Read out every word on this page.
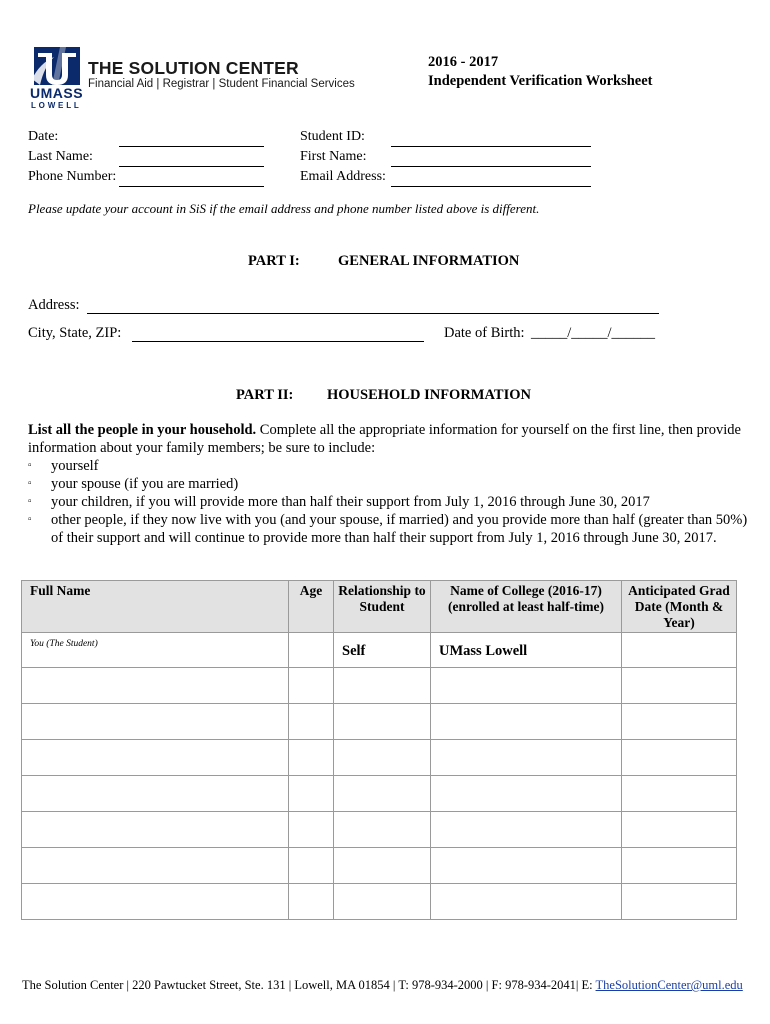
UMASS
LOWELL
THE SOLUTION CENTER
Financial Aid | Registrar | Student Financial Services
2016 - 2017
Independent Verification Worksheet
Date:
Last Name:
Phone Number:
Student ID:
First Name:
Email Address:
Please update your account in SiS if the email address and phone number listed above is different.
PART I:	GENERAL INFORMATION
Address:
City, State, ZIP:	Date of Birth: _____/_____/______
PART II: HOUSEHOLD INFORMATION
List all the people in your household. Complete all the appropriate information for yourself on the first line, then provide information about your family members; be sure to include:
▫ yourself
▫ your spouse (if you are married)
▫ your children, if you will provide more than half their support from July 1, 2016 through June 30, 2017
▫ other people, if they now live with you (and your spouse, if married) and you provide more than half (greater than 50%) of their support and will continue to provide more than half their support from July 1, 2016 through June 30, 2017.
Full Name	Age	Relationship to Student	Name of College (2016-17) (enrolled at least half-time)	Anticipated Grad Date (Month & Year)
You (The Student)		Self	UMass Lowell	

The Solution Center | 220 Pawtucket Street, Ste. 131 | Lowell, MA 01854 | T: 978-934-2000 | F: 978-934-2041| E: TheSolutionCenter@uml.edu
